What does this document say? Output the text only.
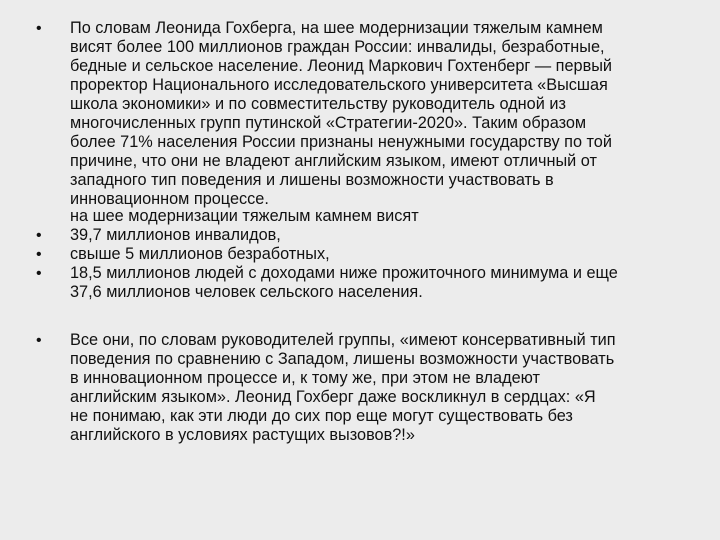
• По словам Леонида Гохберга, на шее модернизации тяжелым камнем
висят более 100 миллионов граждан России: инвалиды, безработные,
бедные и сельское население. Леонид Маркович Гохтенберг — первый
проректор Национального исследовательского университета «Высшая
школа экономики» и по совместительству руководитель одной из
многочисленных групп путинской «Стратегии-2020». Таким образом
более 71% населения России признаны ненужными государству по той
причине, что они не владеют английским языком, имеют отличный от
западного тип поведения и лишены возможности участвовать в
инновационном процессе.
на шее модернизации тяжелым камнем висят
• 39,7 миллионов инвалидов,
• свыше 5 миллионов безработных,
• 18,5 миллионов людей с доходами ниже прожиточного минимума и еще
37,6 миллионов человек сельского населения.
• Все они, по словам руководителей группы, «имеют консервативный тип
поведения по сравнению с Западом, лишены возможности участвовать
в инновационном процессе и, к тому же, при этом не владеют
английским языком». Леонид Гохберг даже воскликнул в сердцах: «Я
не понимаю, как эти люди до сих пор еще могут существовать без
английского в условиях растущих вызовов?!»
